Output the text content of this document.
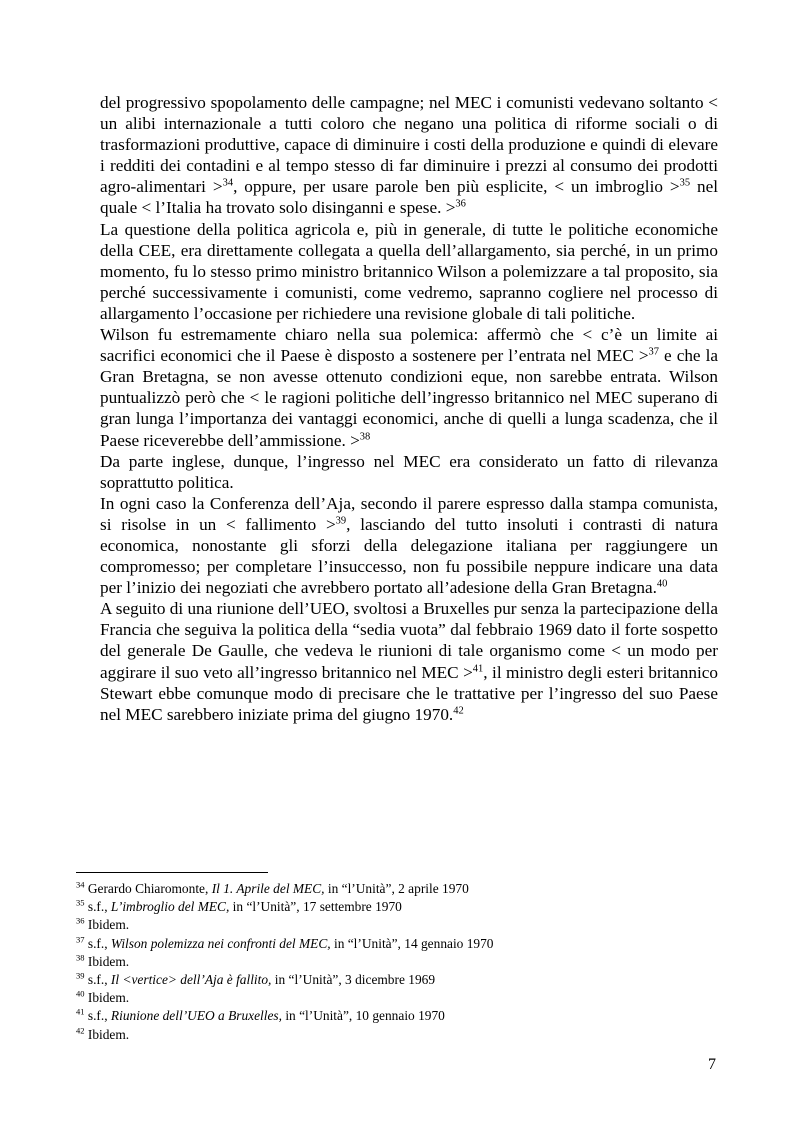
del progressivo spopolamento delle campagne; nel MEC i comunisti vedevano soltanto < un alibi internazionale a tutti coloro che negano una politica di riforme sociali o di trasformazioni produttive, capace di diminuire i costi della produzione e quindi di elevare i redditi dei contadini e al tempo stesso di far diminuire i prezzi al consumo dei prodotti agro-alimentari >$^{34}$, oppure, per usare parole ben più esplicite, < un imbroglio >$^{35}$ nel quale < l’Italia ha trovato solo disinganni e spese. >$^{36}$

La questione della politica agricola e, più in generale, di tutte le politiche economiche della CEE, era direttamente collegata a quella dell’allargamento, sia perché, in un primo momento, fu lo stesso primo ministro britannico Wilson a polemizzare a tal proposito, sia perché successivamente i comunisti, come vedremo, sapranno cogliere nel processo di allargamento l’occasione per richiedere una revisione globale di tali politiche.

Wilson fu estremamente chiaro nella sua polemica: affermò che < c’è un limite ai sacrifici economici che il Paese è disposto a sostenere per l’entrata nel MEC >$^{37}$ e che la Gran Bretagna, se non avesse ottenuto condizioni eque, non sarebbe entrata. Wilson puntualizzò però che < le ragioni politiche dell’ingresso britannico nel MEC superano di gran lunga l’importanza dei vantaggi economici, anche di quelli a lunga scadenza, che il Paese riceverebbe dell’ammissione. >$^{38}$

Da parte inglese, dunque, l’ingresso nel MEC era considerato un fatto di rilevanza soprattutto politica.

In ogni caso la Conferenza dell’Aja, secondo il parere espresso dalla stampa comunista, si risolse in un < fallimento >$^{39}$, lasciando del tutto insoluti i contrasti di natura economica, nonostante gli sforzi della delegazione italiana per raggiungere un compromesso; per completare l’insuccesso, non fu possibile neppure indicare una data per l’inizio dei negoziati che avrebbero portato all’adesione della Gran Bretagna.$^{40}$

A seguito di una riunione dell’UEO, svoltosi a Bruxelles pur senza la partecipazione della Francia che seguiva la politica della “sedia vuota” dal febbraio 1969 dato il forte sospetto del generale De Gaulle, che vedeva le riunioni di tale organismo come < un modo per aggirare il suo veto all’ingresso britannico nel MEC >$^{41}$, il ministro degli esteri britannico Stewart ebbe comunque modo di precisare che le trattative per l’ingresso del suo Paese nel MEC sarebbero iniziate prima del giugno 1970.42

$^{34}$ Gerardo Chiaromonte, Il 1. Aprile del MEC, in “l’Unità”, 2 aprile 1970
$^{35}$ s.f., L’imbroglio del MEC, in “l’Unità”, 17 settembre 1970
$^{36}$ Ibidem.
$^{37}$ s.f., Wilson polemizza nei confronti del MEC, in “l’Unità”, 14 gennaio 1970
$^{38}$ Ibidem.
$^{39}$ s.f., Il <vertice> dell’Aja è fallito, in “l’Unità”, 3 dicembre 1969
$^{40}$ Ibidem.
$^{41}$ s.f., Riunione dell’UEO a Bruxelles, in “l’Unità”, 10 gennaio 1970
$^{42}$ Ibidem.
7
